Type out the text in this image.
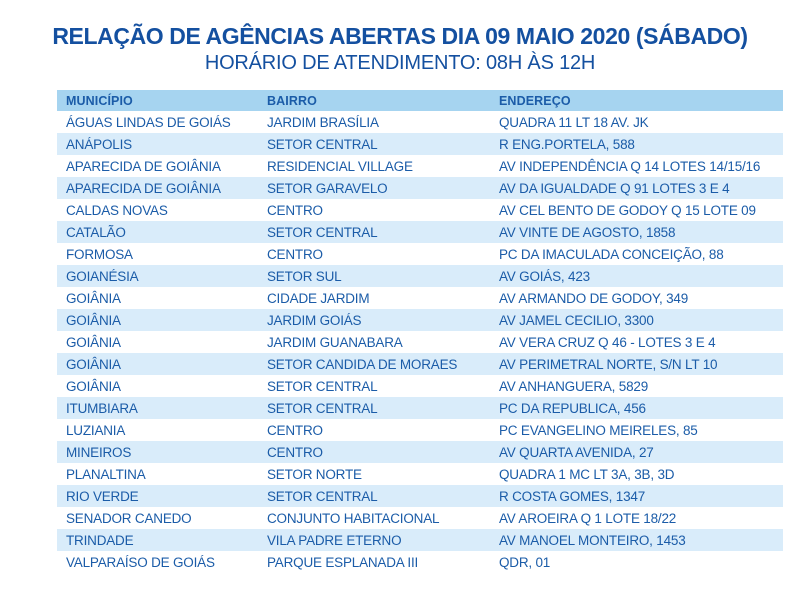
RELAÇÃO DE AGÊNCIAS ABERTAS DIA 09 MAIO 2020 (SÁBADO)
HORÁRIO DE ATENDIMENTO: 08H ÀS 12H
MUNICÍPIO	BAIRRO	ENDEREÇO
ÁGUAS LINDAS DE GOIÁS	JARDIM BRASÍLIA	QUADRA 11 LT 18 AV. JK
ANÁPOLIS	SETOR CENTRAL	R ENG.PORTELA, 588
APARECIDA DE GOIÂNIA	RESIDENCIAL VILLAGE	AV INDEPENDÊNCIA Q 14 LOTES 14/15/16
APARECIDA DE GOIÂNIA	SETOR GARAVELO	AV DA IGUALDADE Q 91 LOTES 3 E 4
CALDAS NOVAS	CENTRO	AV CEL BENTO DE GODOY Q 15 LOTE 09
CATALÃO	SETOR CENTRAL	AV VINTE DE AGOSTO, 1858
FORMOSA	CENTRO	PC DA IMACULADA CONCEIÇÃO, 88
GOIANÉSIA	SETOR SUL	AV GOIÁS, 423
GOIÂNIA	CIDADE JARDIM	AV ARMANDO DE GODOY, 349
GOIÂNIA	JARDIM GOIÁS	AV JAMEL CECILIO, 3300
GOIÂNIA	JARDIM GUANABARA	AV VERA CRUZ Q 46 - LOTES 3 E 4
GOIÂNIA	SETOR CANDIDA DE MORAES	AV PERIMETRAL NORTE, S/N LT 10
GOIÂNIA	SETOR CENTRAL	AV ANHANGUERA, 5829
ITUMBIARA	SETOR CENTRAL	PC DA REPUBLICA, 456
LUZIANIA	CENTRO	PC EVANGELINO MEIRELES, 85
MINEIROS	CENTRO	AV QUARTA AVENIDA, 27
PLANALTINA	SETOR NORTE	QUADRA 1 MC LT 3A, 3B, 3D
RIO VERDE	SETOR CENTRAL	R COSTA GOMES, 1347
SENADOR CANEDO	CONJUNTO HABITACIONAL	AV AROEIRA Q 1 LOTE 18/22
TRINDADE	VILA PADRE ETERNO	AV MANOEL MONTEIRO, 1453
VALPARAÍSO DE GOIÁS	PARQUE ESPLANADA III	QDR, 01
